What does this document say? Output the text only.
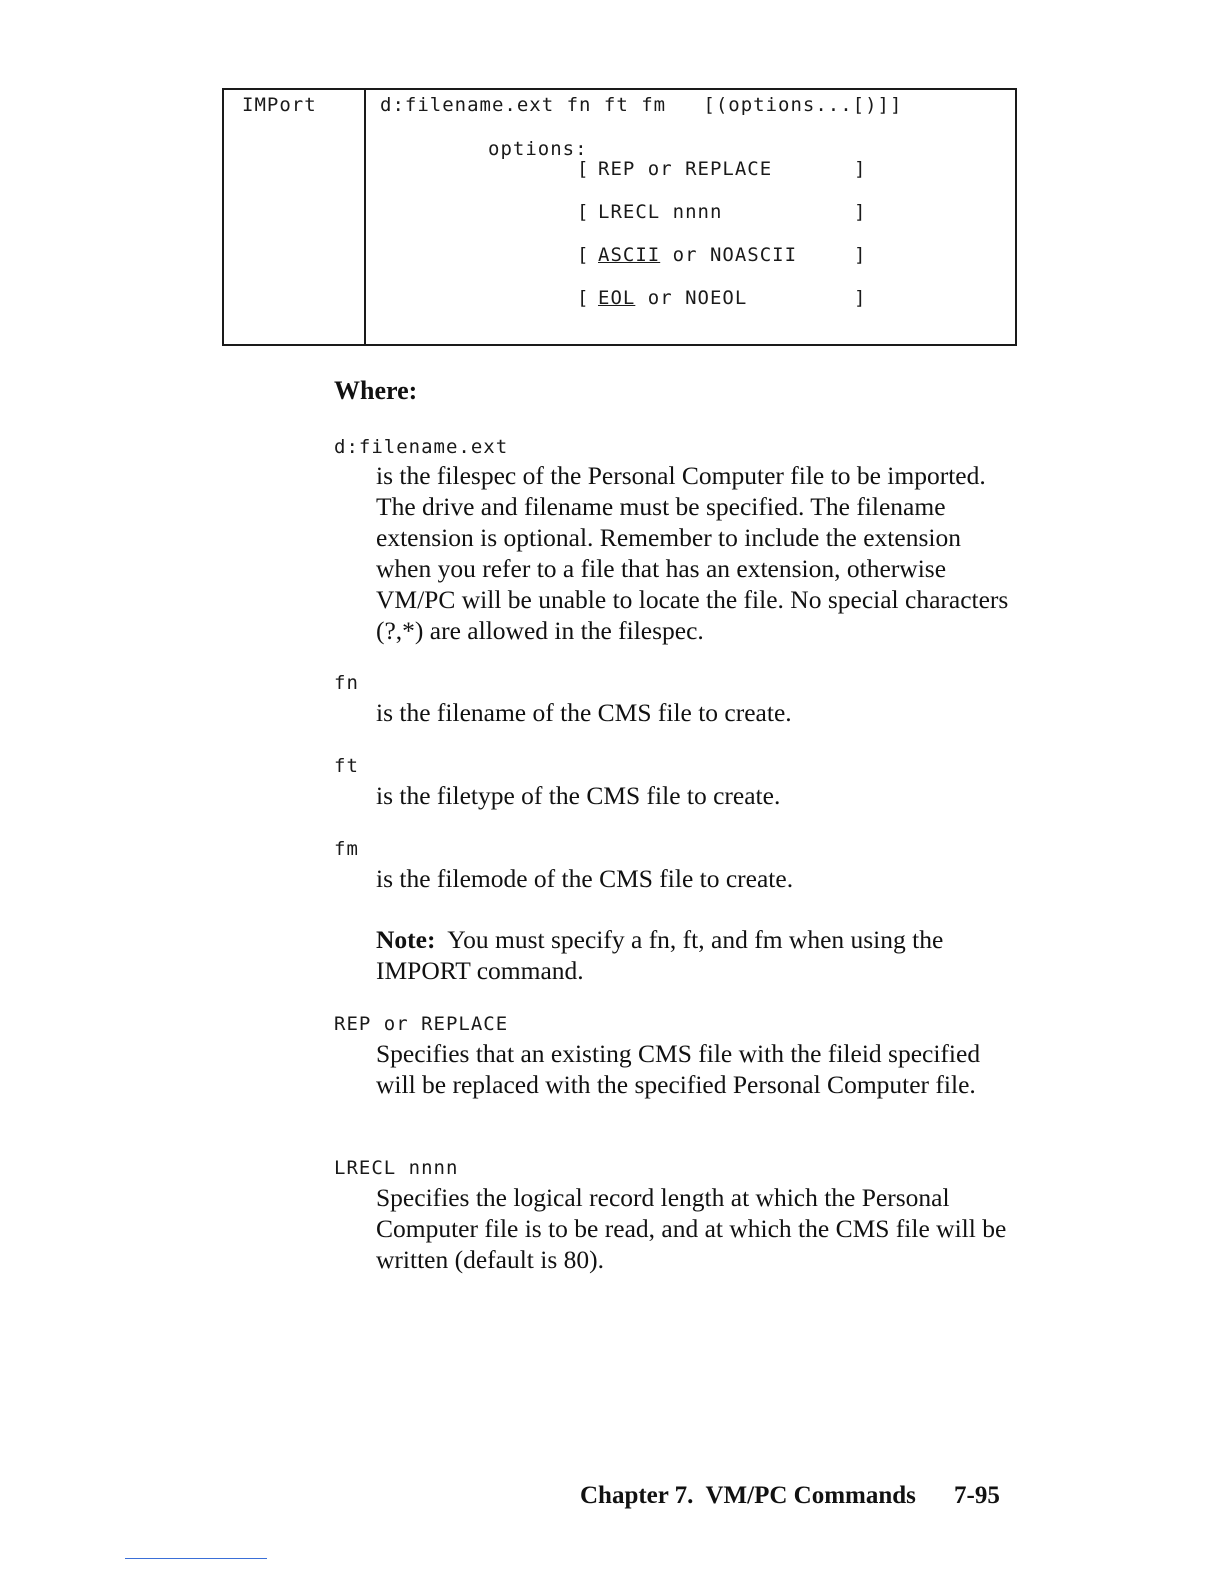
IMPort	d:filename.ext fn ft fm   [(options...[)]]
options:
[ REP or REPLACE	]
[ LRECL nnnn	]
[ ASCII or NOASCII	]
[ EOL or NOEOL	]
Where:
d:filename.ext

is the filespec of the Personal Computer file to be imported. The drive and filename must be specified. The filename extension is optional. Remember to include the extension when you refer to a file that has an extension, otherwise VM/PC will be unable to locate the file. No special characters (?,*) are allowed in the filespec.

fn

is the filename of the CMS file to create.

ft

is the filetype of the CMS file to create.

fm

is the filemode of the CMS file to create.

Note: You must specify a fn, ft, and fm when using the IMPORT command.

REP or REPLACE

Specifies that an existing CMS file with the fileid specified will be replaced with the specified Personal Computer file.

LRECL nnnn

Specifies the logical record length at which the Personal Computer file is to be read, and at which the CMS file will be written (default is 80).

Chapter 7.  VM/PC Commands 7-95
